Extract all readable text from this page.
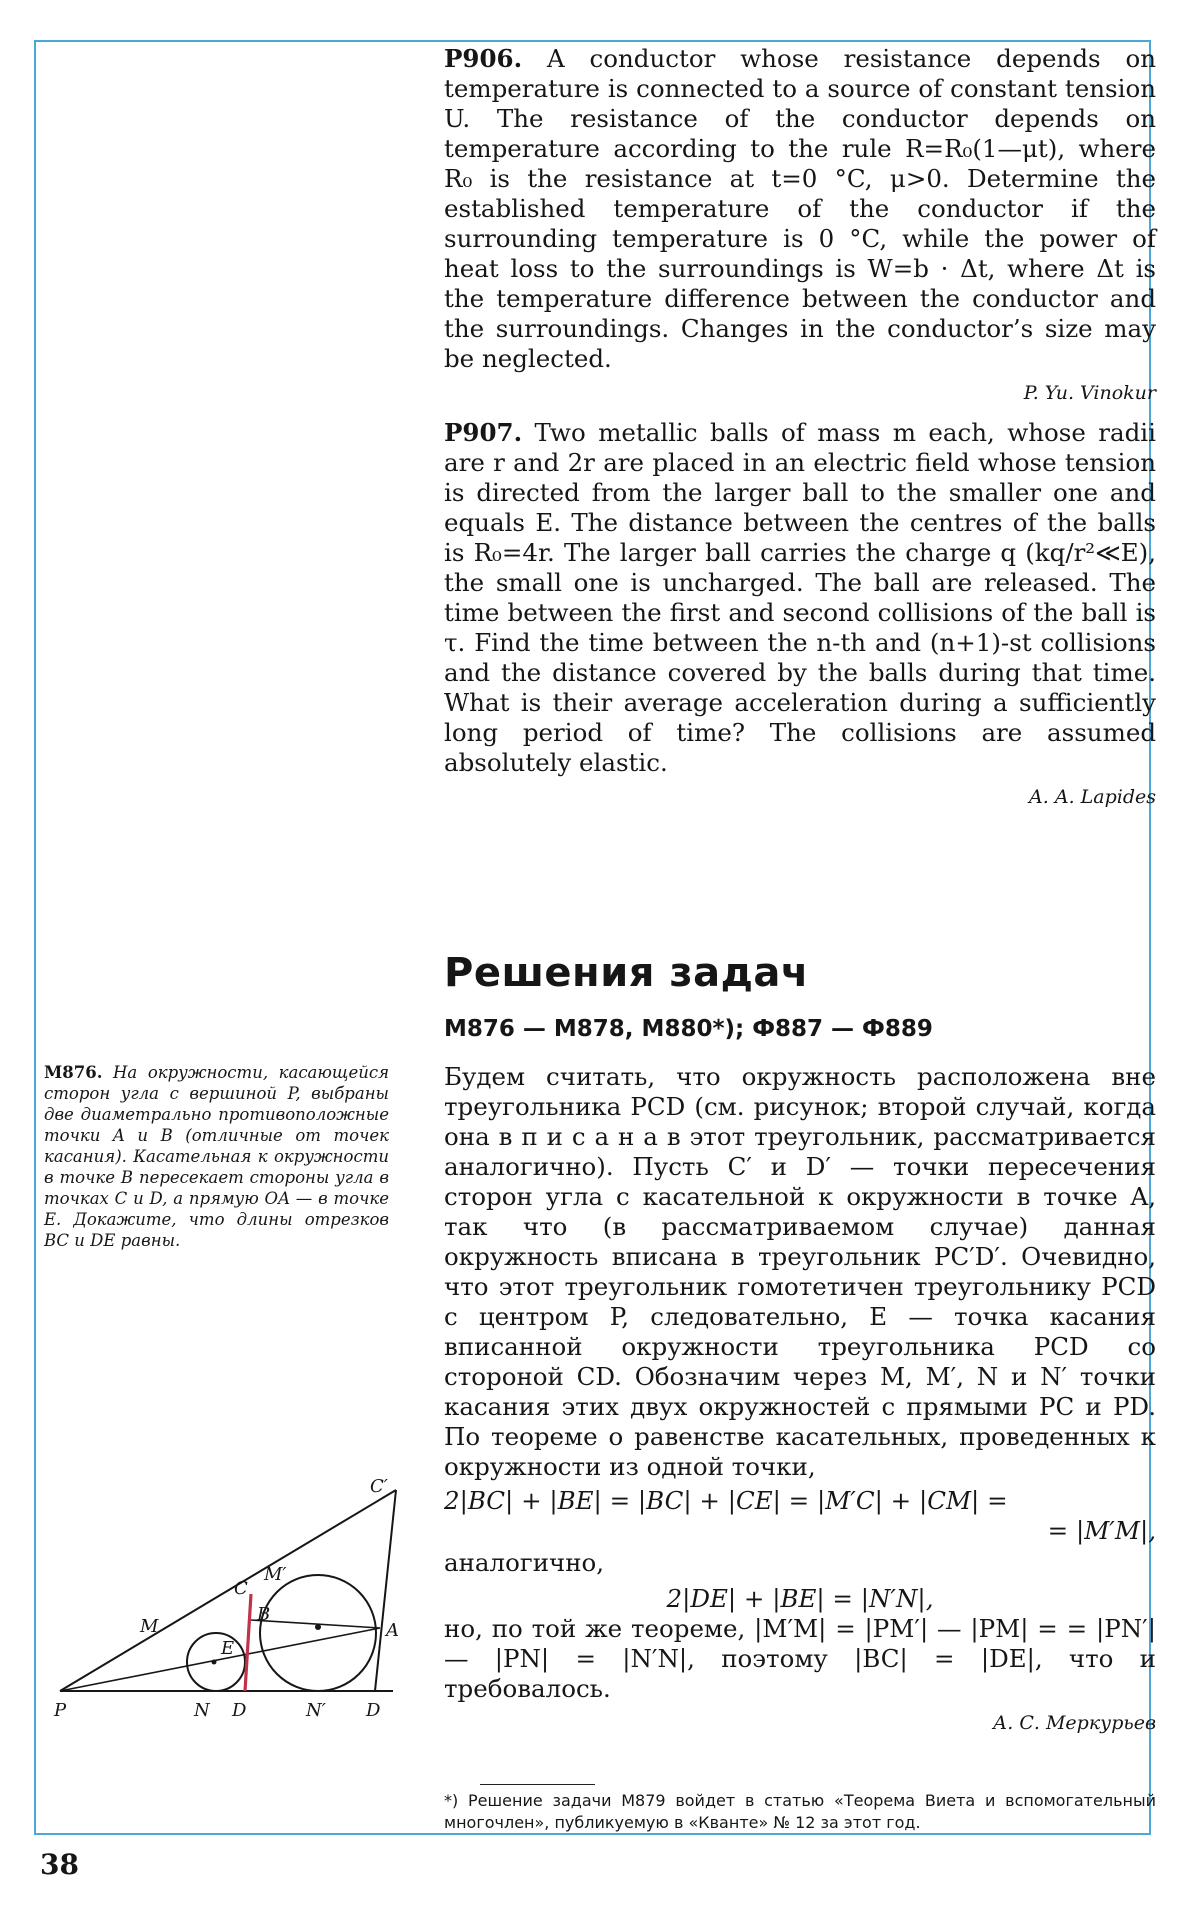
P906. A conductor whose resistance depends on temperature is connected to a source of constant tension U. The resistance of the conductor depends on temperature according to the rule R=R₀(1—μt), where R₀ is the resistance at t=0 °C, μ>0. Determine the established temperature of the conductor if the surrounding temperature is 0 °C, while the power of heat loss to the surroundings is W=b · Δt, where Δt is the temperature difference between the conductor and the surroundings. Changes in the conductor’s size may be neglected.

P. Yu. Vinokur

P907. Two metallic balls of mass m each, whose radii are r and 2r are placed in an electric field whose tension is directed from the larger ball to the smaller one and equals E. The distance between the centres of the balls is R₀=4r. The larger ball carries the charge q (kq/r²≪E), the small one is uncharged. The ball are released. The time between the first and second collisions of the ball is τ. Find the time between the n-th and (n+1)-st collisions and the distance covered by the balls during that time. What is their average acceleration during a sufficiently long period of time? The collisions are assumed absolutely elastic.

A. A. Lapides
Решения задач
M876 — M878, M880*); Ф887 — Ф889
M876. На окружности, касающейся сторон угла с вершиной P, выбраны две диаметрально противоположные точки A и B (отличные от точек касания). Касательная к окружности в точке B пересекает стороны угла в точках C и D, а прямую OA — в точке E. Докажите, что длины отрезков BC и DE равны.

Будем считать, что окружность расположена вне треугольника PCD (см. рисунок; второй случай, когда она в п и с а н а в этот треугольник, рассматривается аналогично). Пусть C′ и D′ — точки пересечения сторон угла с касательной к окружности в точке A, так что (в рассматриваемом случае) данная окружность вписана в треугольник PC′D′. Очевидно, что этот треугольник гомотетичен треугольнику PCD с центром P, следовательно, E — точка касания вписанной окружности треугольника PCD со стороной CD. Обозначим через M, M′, N и N′ точки касания этих двух окружностей с прямыми PC и PD. По теореме о равенстве касательных, проведенных к окружности из одной точки,

2|BC| + |BE| = |BC| + |CE| = |M′C| + |CM| =
= |M′M|,

аналогично,

2|DE| + |BE| = |N′N|,

но, по той же теореме, |M′M| = |PM′| — |PM| = = |PN′| — |PN| = |N′N|, поэтому |BC| = |DE|, что и требовалось.

А. С. Меркурьев
P
M
C
M′
C′
B
E
A
N D	N′ D
*) Решение задачи M879 войдет в статью «Теорема Виета и вспомогательный многочлен», публикуемую в «Кванте» № 12 за этот год.
38
